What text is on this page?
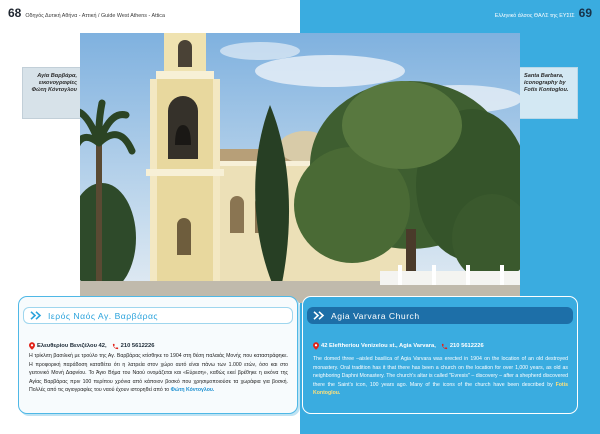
68 Οδηγός Δυτική Αθήνα - Αττική / Guide West Athens - Attica	Ελληνικό άλσος ΘΑΛΣ της ΕΥΣΙΣ 69
Αγία Βαρβάρα, εικονογραφίες Φώτη Κόντογλου
Santa Barbara, iconography by Fotis Kontoglou.
Ιερός Ναός Αγ. Βαρβάρας
Ελευθερίου Βενιζέλου 42, 210 5612226

Η τρίκλιτη βασιλική με τρούλο της Αγ. Βαρβάρας κτίσθηκε το 1904 στη θέση παλαιάς Μονής που καταστράφηκε. Η προφορική παράδοση καταθέτει ότι η λατρεία στον χώρο αυτό είναι πάνω των 1.000 ετών, όσο και στο γειτονικό Μονή Δαφνίου. Το Άγιο Βήμα του Ναού ονομάζεται και «Εύρεση», καθώς εκεί βρέθηκε η εικόνα της Αγίας Βαρβάρας πριν 100 περίπου χρόνια από κάποιον βοσκό που χρησιμοποιούσε τα χωράφια για βοσκή. Πολλές από τις αγιογραφίες του ναού έχουν ιστορηθεί από το Φώτη Κόντογλου.

Agia Varvara Church
42 Eleftheriou Venizelou st., Agia Varvara, 210 5612226

The domed three –aisled basilica of Agia Varvara was erected in 1904 on the location of an old destroyed monastery. Oral tradition has it that there has been a church on the location for over 1,000 years, as old as neighboring Daphni Monastery. The church's altar is called "Evresis" – discovery – after a shepherd discovered there the Saint's icon, 100 years ago. Many of the icons of the church have been described by Fotis Kontoglou.
